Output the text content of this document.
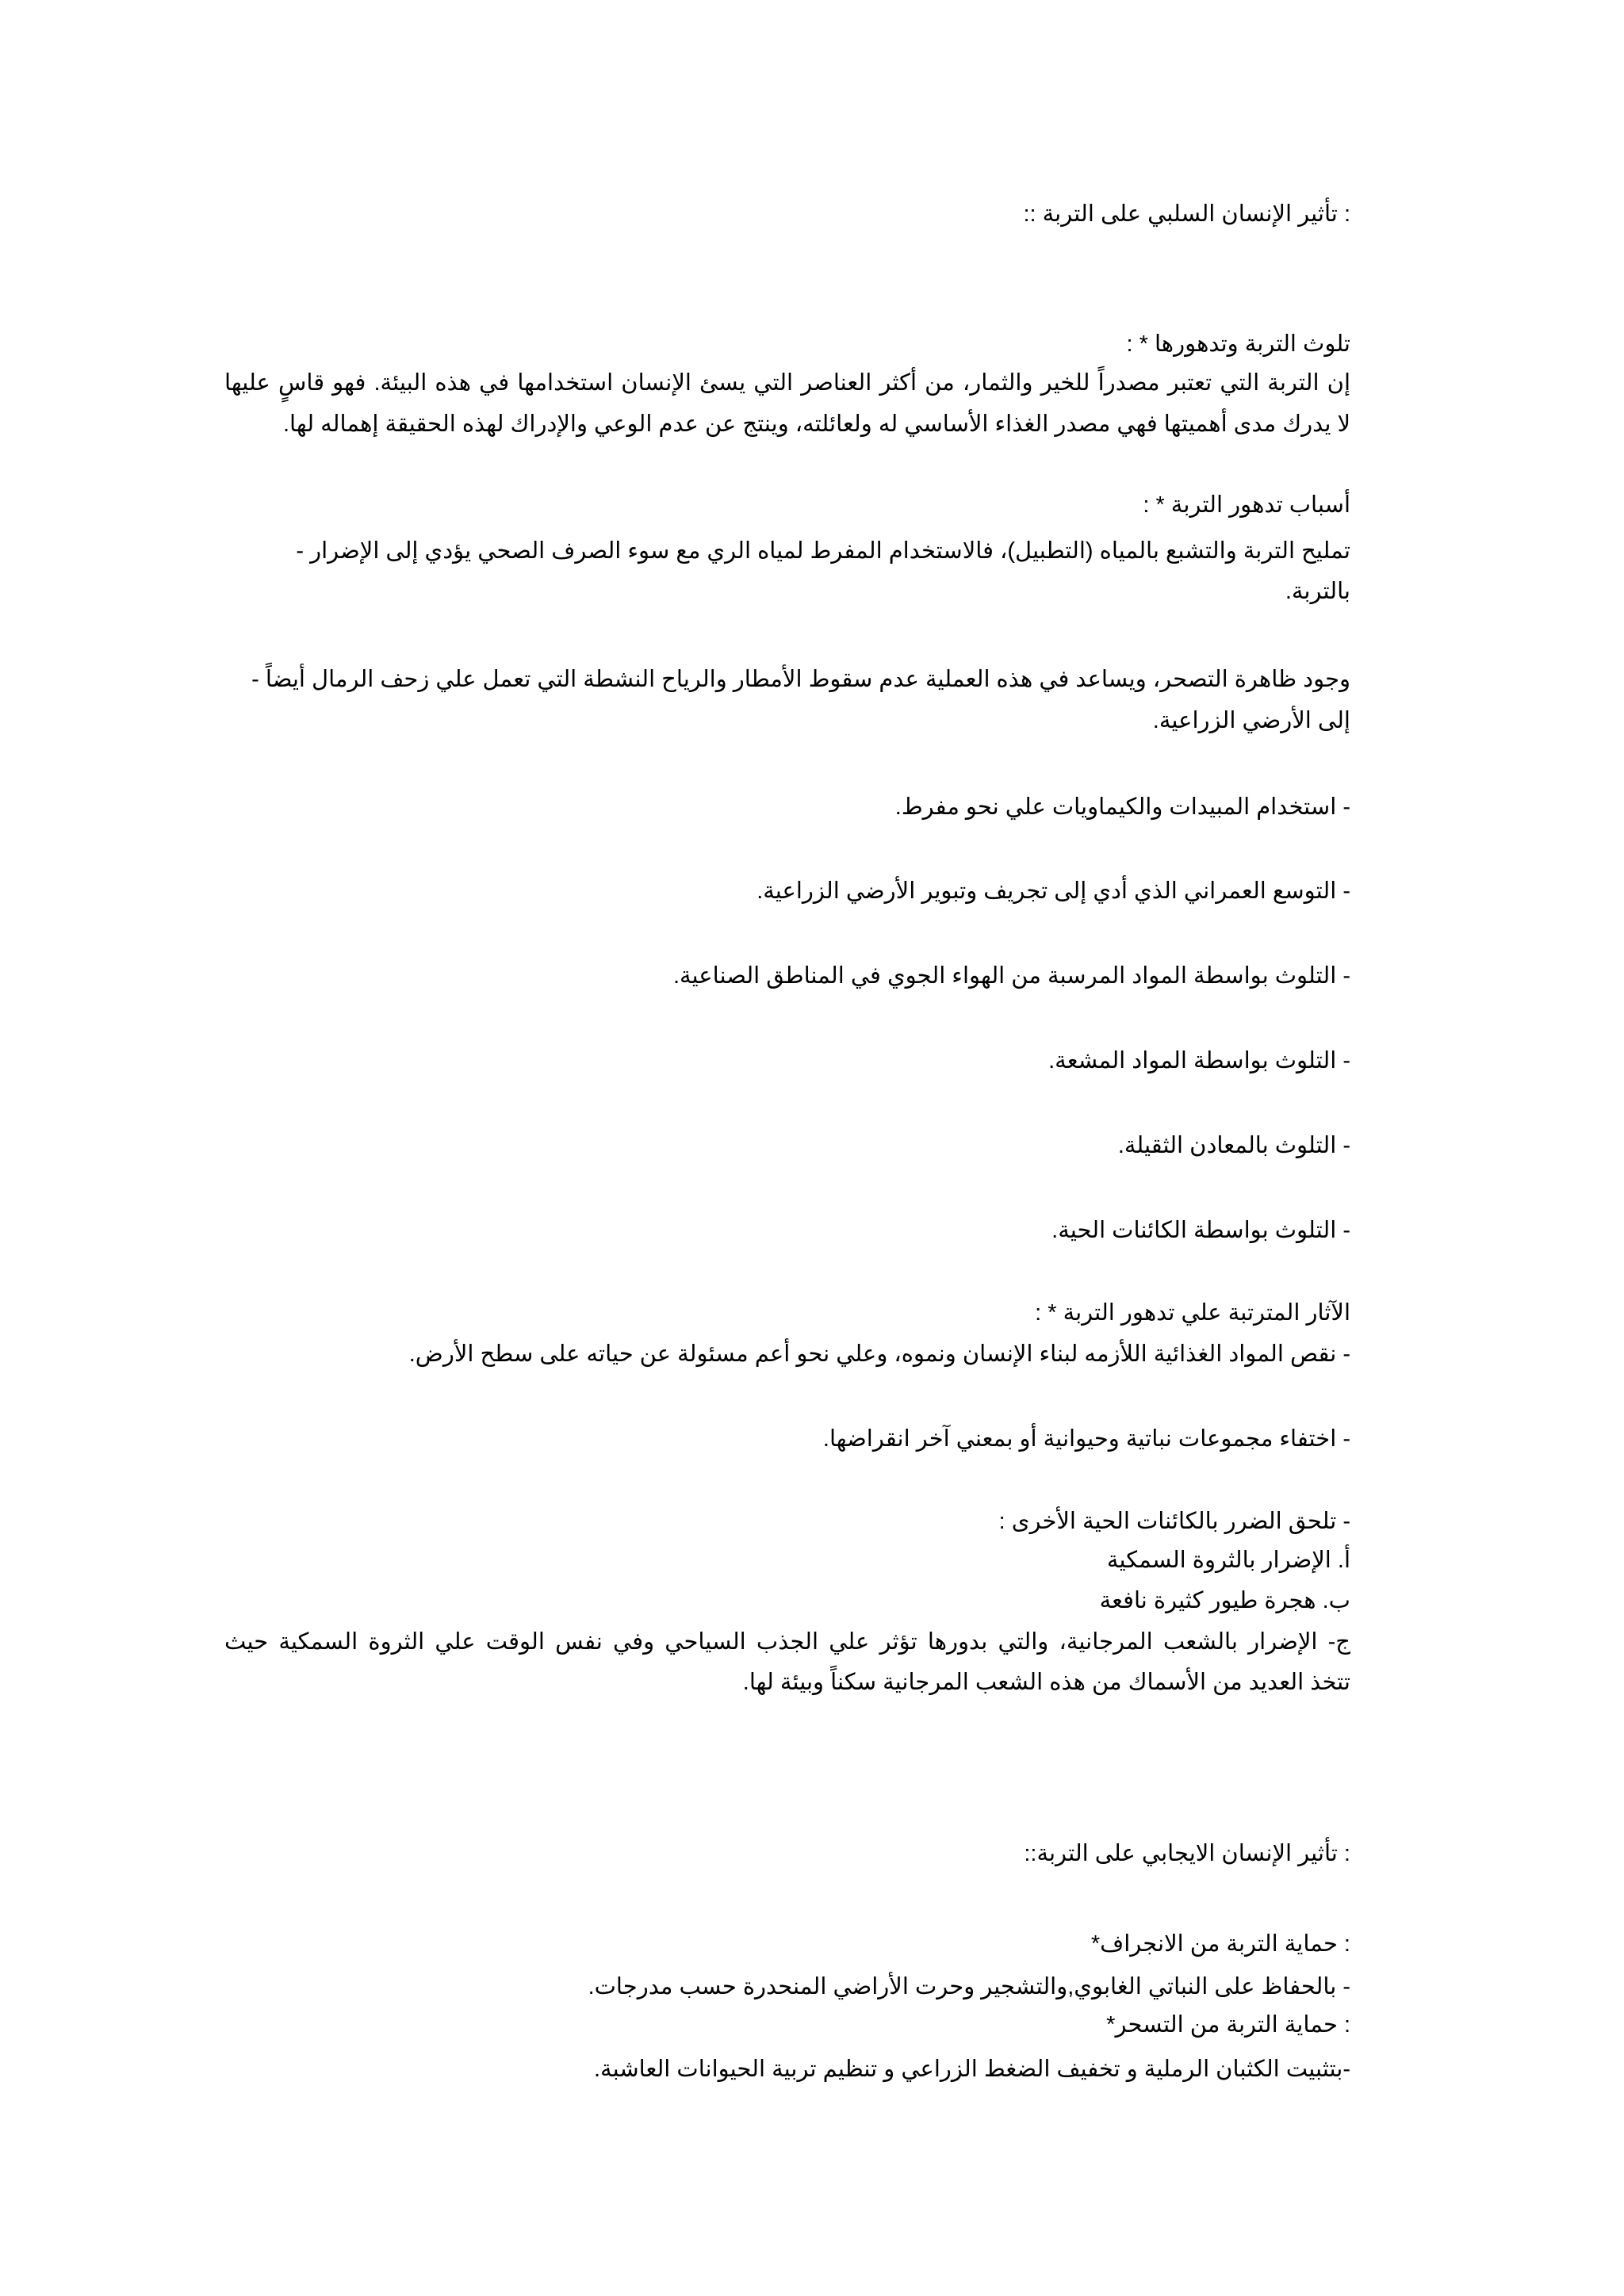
: تأثير الإنسان السلبي على التربة ::
تلوث التربة وتدهورها * :
إن التربة التي تعتبر مصدراً للخير والثمار، من أكثر العناصر التي يسئ الإنسان استخدامها في هذه البيئة. فهو قاسٍ عليها
لا يدرك مدى أهميتها فهي مصدر الغذاء الأساسي له ولعائلته، وينتج عن عدم الوعي والإدراك لهذه الحقيقة إهماله لها.
أسباب تدهور التربة * :
تمليح التربة والتشبع بالمياه (التطبيل)، فالاستخدام المفرط لمياه الري مع سوء الصرف الصحي يؤدي إلى الإضرار -
بالتربة.
وجود ظاهرة التصحر، ويساعد في هذه العملية عدم سقوط الأمطار والرياح النشطة التي تعمل علي زحف الرمال أيضاً -
إلى الأرضي الزراعية.
- استخدام المبيدات والكيماويات علي نحو مفرط.
- التوسع العمراني الذي أدي إلى تجريف وتبوير الأرضي الزراعية.
- التلوث بواسطة المواد المرسبة من الهواء الجوي في المناطق الصناعية.
- التلوث بواسطة المواد المشعة.
- التلوث بالمعادن الثقيلة.
- التلوث بواسطة الكائنات الحية.
الآثار المترتبة علي تدهور التربة * :
- نقص المواد الغذائية اللأزمه لبناء الإنسان ونموه، وعلي نحو أعم مسئولة عن حياته على سطح الأرض.
- اختفاء مجموعات نباتية وحيوانية أو بمعني آخر انقراضها.
- تلحق الضرر بالكائنات الحية الأخرى :
أ. الإضرار بالثروة السمكية
ب. هجرة طيور كثيرة نافعة
ج- الإضرار بالشعب المرجانية، والتي بدورها تؤثر علي الجذب السياحي وفي نفس الوقت علي الثروة السمكية حيث
تتخذ العديد من الأسماك من هذه الشعب المرجانية سكناً وبيئة لها.
: تأثير الإنسان الايجابي على التربة::
: حماية التربة من الانجراف*
- بالحفاظ على النباتي الغابوي,والتشجير وحرت الأراضي المنحدرة حسب مدرجات.
: حماية التربة من التسحر*
-بتثبيت الكثبان الرملية و تخفيف الضغط الزراعي و تنظيم تربية الحيوانات العاشبة.
